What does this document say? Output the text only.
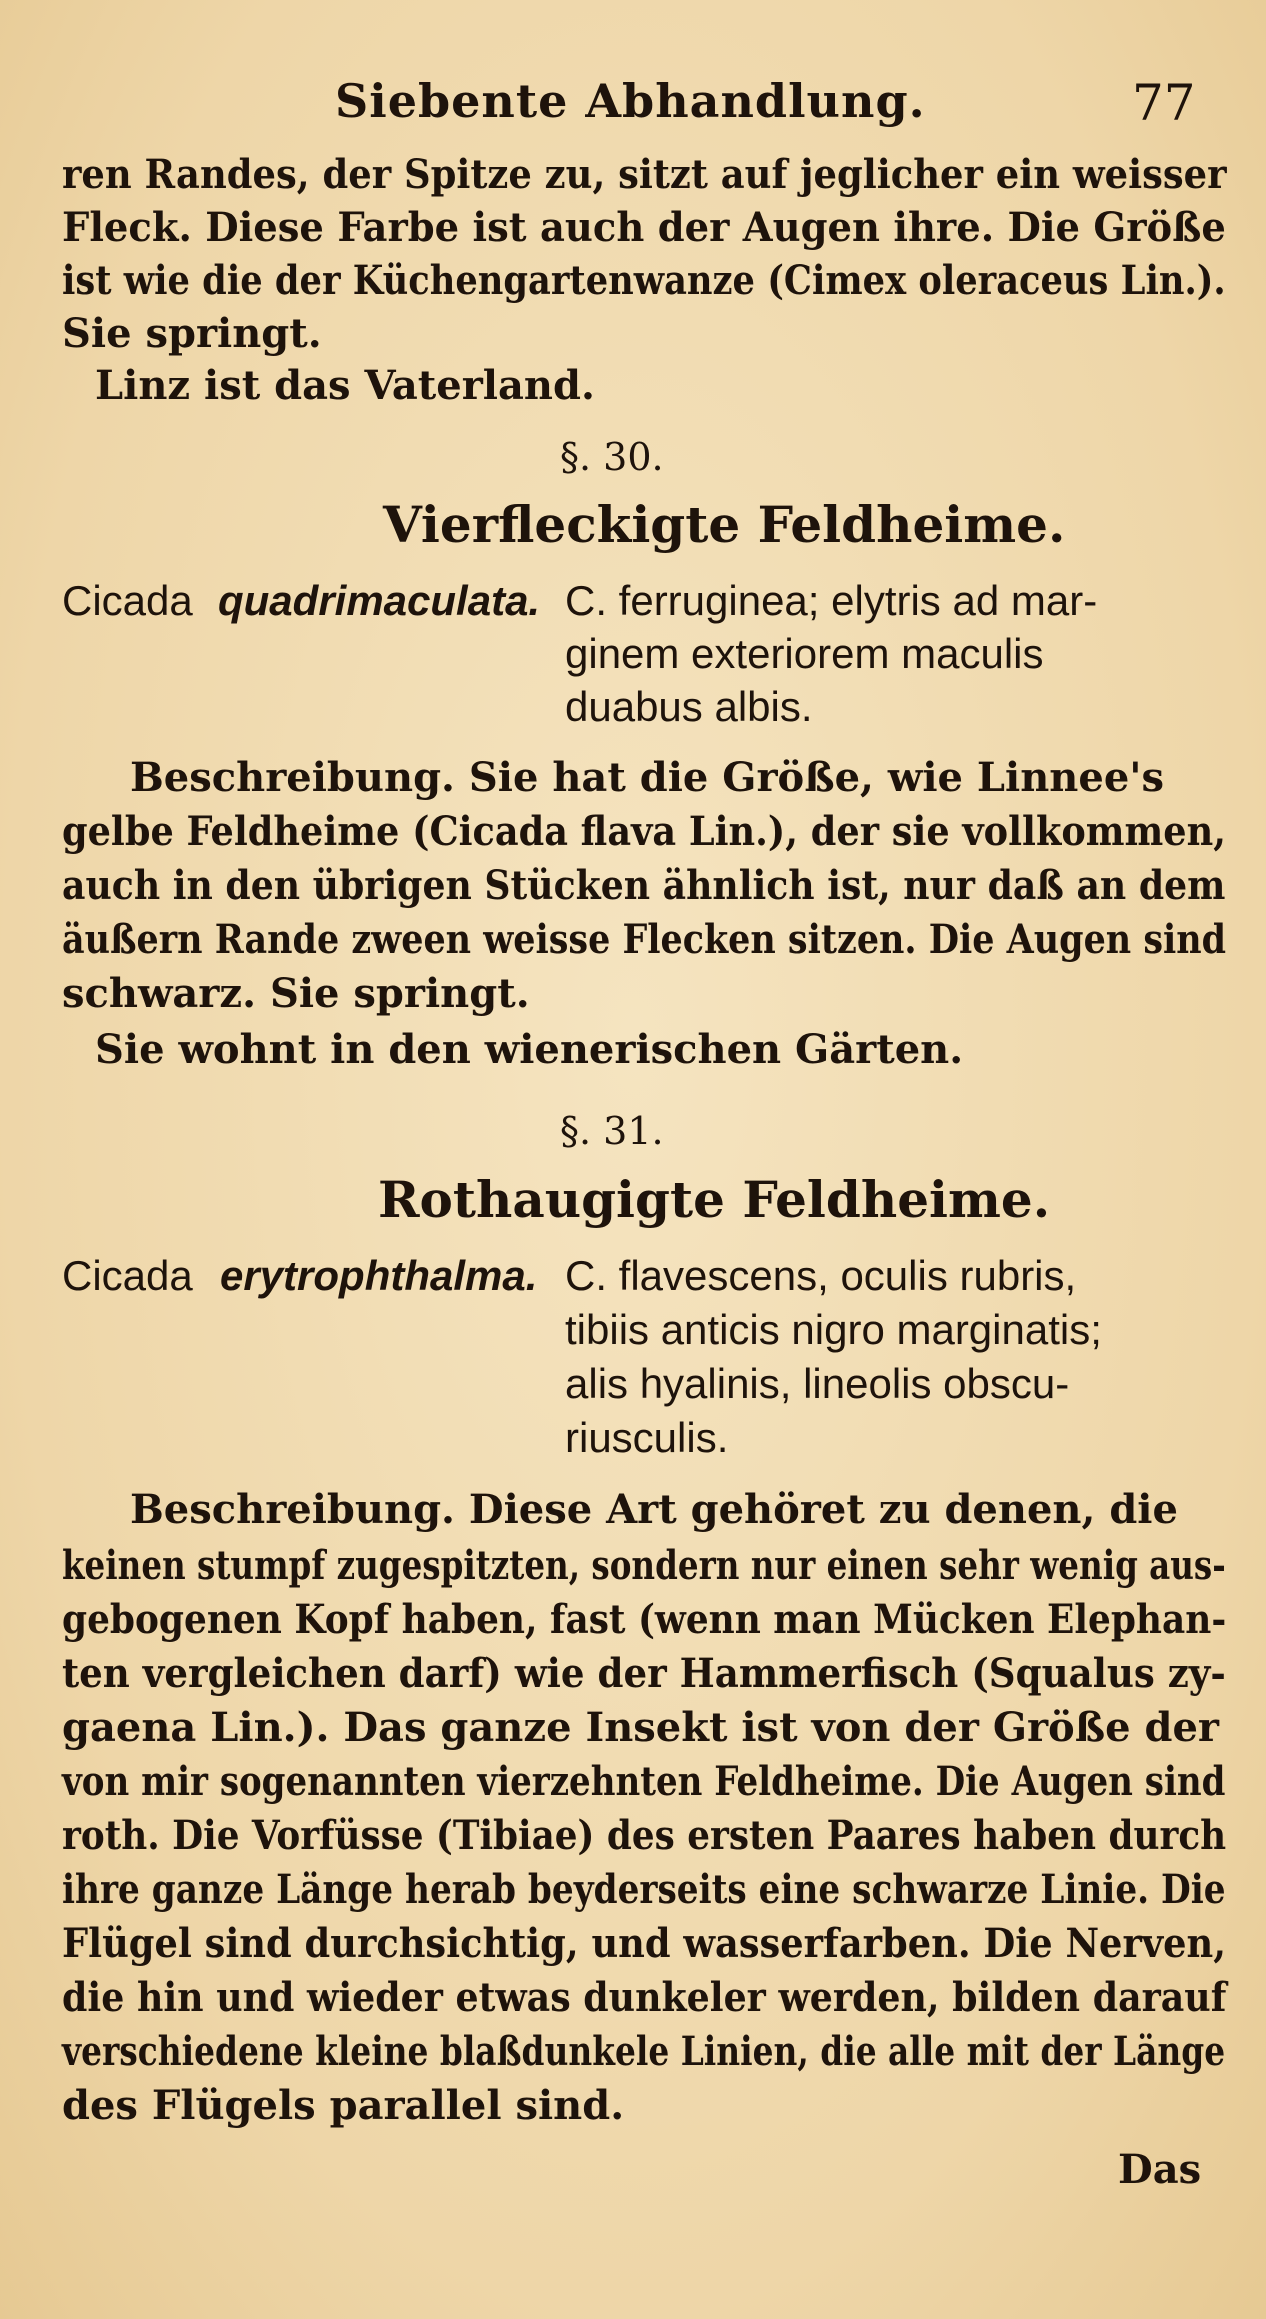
Siebente Abhandlung.	77
ren Randes, der Spitze zu, sitzt auf jeglicher ein weisser
Fleck. Diese Farbe ist auch der Augen ihre. Die Größe
ist wie die der Küchengartenwanze (Cimex oleraceus Lin.).
Sie springt.
Linz ist das Vaterland.
§. 30.
Vierfleckigte Feldheime.
Cicada quadrimaculata. C. ferruginea; elytris ad mar-
ginem exteriorem maculis
duabus albis.
Beschreibung. Sie hat die Größe, wie Linnee's
gelbe Feldheime (Cicada flava Lin.), der sie vollkommen,
auch in den übrigen Stücken ähnlich ist, nur daß an dem
äußern Rande zween weisse Flecken sitzen. Die Augen sind
schwarz. Sie springt.
Sie wohnt in den wienerischen Gärten.
§. 31.
Rothaugigte Feldheime.
Cicada erytrophthalma. C. flavescens, oculis rubris,
tibiis anticis nigro marginatis;
alis hyalinis, lineolis obscu-
riusculis.
Beschreibung. Diese Art gehöret zu denen, die
keinen stumpf zugespitzten, sondern nur einen sehr wenig aus-
gebogenen Kopf haben, fast (wenn man Mücken Elephan-
ten vergleichen darf) wie der Hammerfisch (Squalus zy-
gaena Lin.). Das ganze Insekt ist von der Größe der
von mir sogenannten vierzehnten Feldheime. Die Augen sind
roth. Die Vorfüsse (Tibiae) des ersten Paares haben durch
ihre ganze Länge herab beyderseits eine schwarze Linie. Die
Flügel sind durchsichtig, und wasserfarben. Die Nerven,
die hin und wieder etwas dunkeler werden, bilden darauf
verschiedene kleine blaßdunkele Linien, die alle mit der Länge
des Flügels parallel sind.
Das
